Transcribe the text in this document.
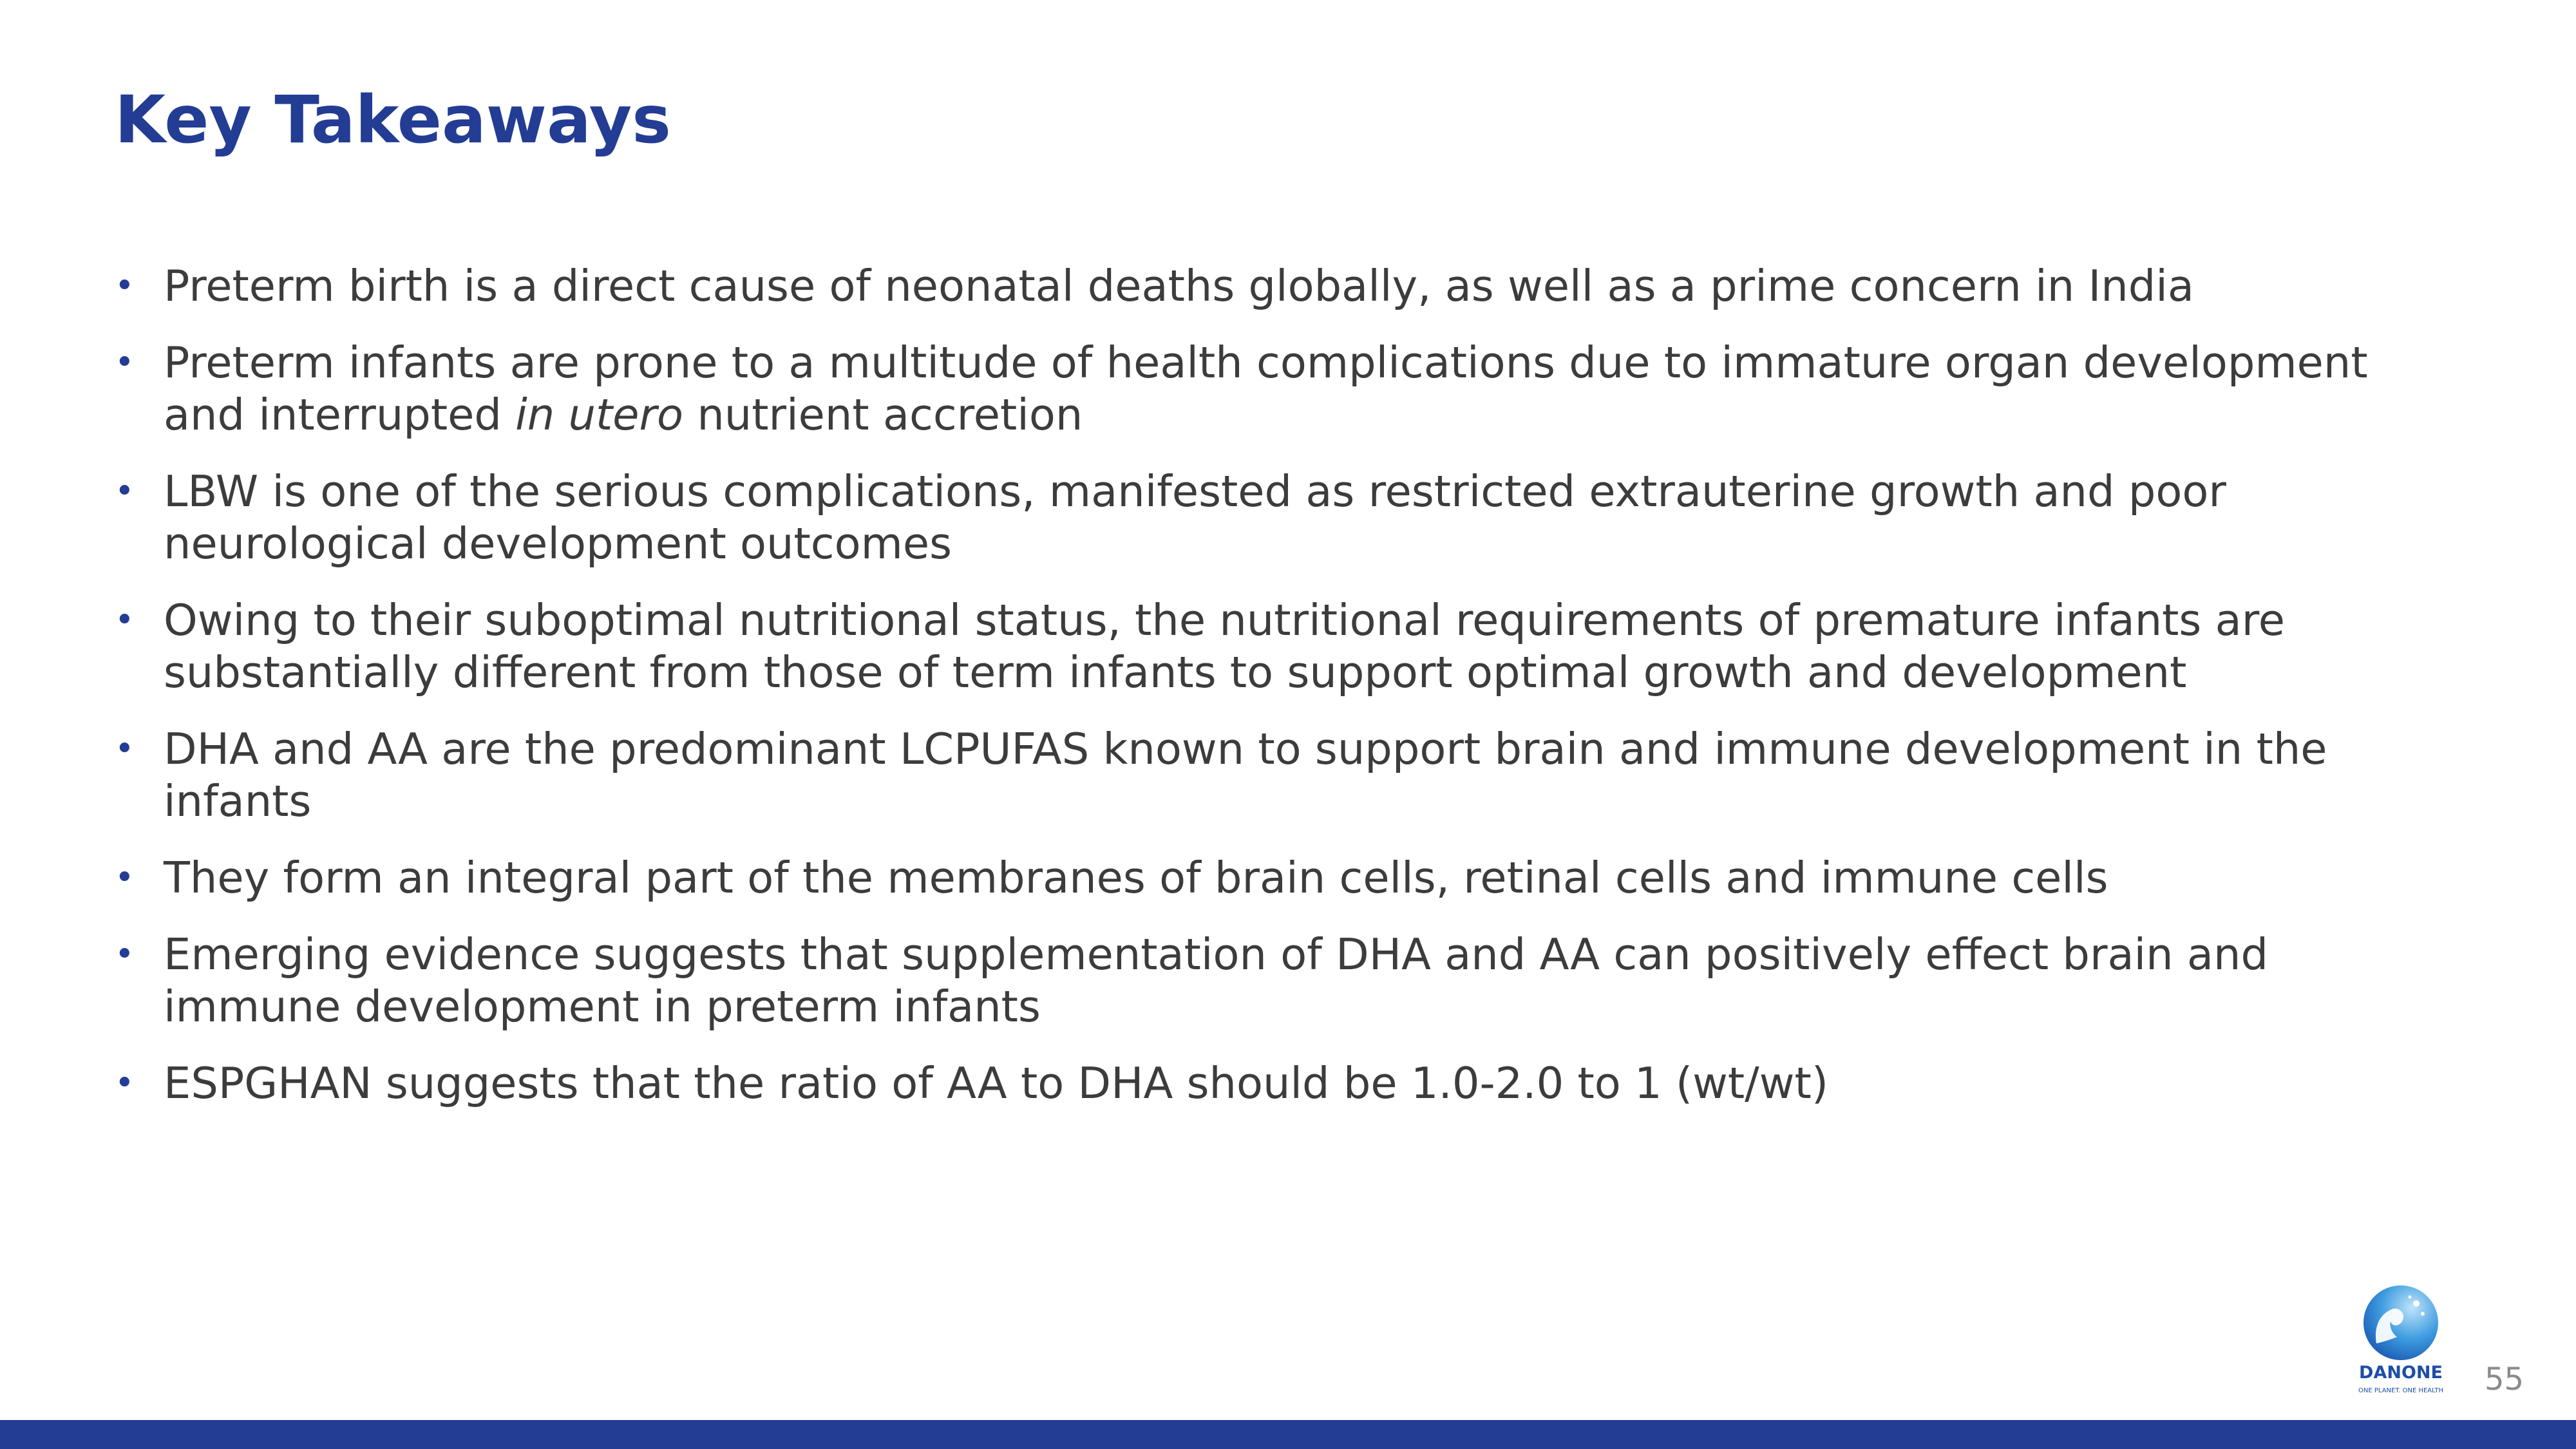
Key Takeaways
• Preterm birth is a direct cause of neonatal deaths globally, as well as a prime concern in India
• Preterm infants are prone to a multitude of health complications due to immature organ development and interrupted in utero nutrient accretion
• LBW is one of the serious complications, manifested as restricted extrauterine growth and poor neurological development outcomes
• Owing to their suboptimal nutritional status, the nutritional requirements of premature infants are substantially different from those of term infants to support optimal growth and development
• DHA and AA are the predominant LCPUFAS known to support brain and immune development in the infants
• They form an integral part of the membranes of brain cells, retinal cells and immune cells
• Emerging evidence suggests that supplementation of DHA and AA can positively effect brain and immune development in preterm infants
• ESPGHAN suggests that the ratio of AA to DHA should be 1.0-2.0 to 1 (wt/wt)
DANONE
ONE PLANET. ONE HEALTH 55
